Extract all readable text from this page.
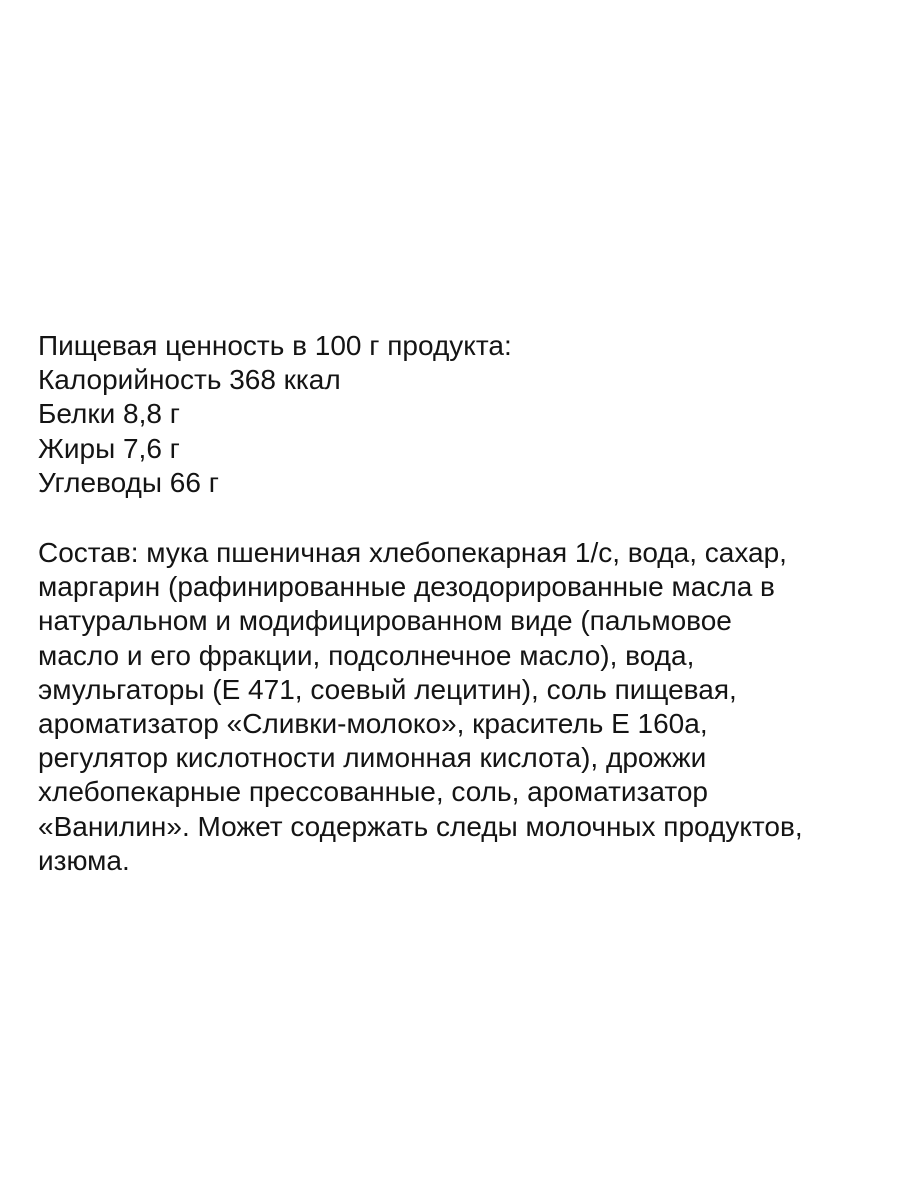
Пищевая ценность в 100 г продукта:
Калорийность 368 ккал
Белки 8,8 г
Жиры 7,6 г
Углеводы 66 г
Состав: мука пшеничная хлебопекарная 1/с, вода, сахар,
маргарин (рафинированные дезодорированные масла в
натуральном и модифицированном виде (пальмовое
масло и его фракции, подсолнечное масло), вода,
эмульгаторы (Е 471, соевый лецитин), соль пищевая,
ароматизатор «Сливки-молоко», краситель Е 160а,
регулятор кислотности лимонная кислота), дрожжи
хлебопекарные прессованные, соль, ароматизатор
«Ванилин». Может содержать следы молочных продуктов,
изюма.
